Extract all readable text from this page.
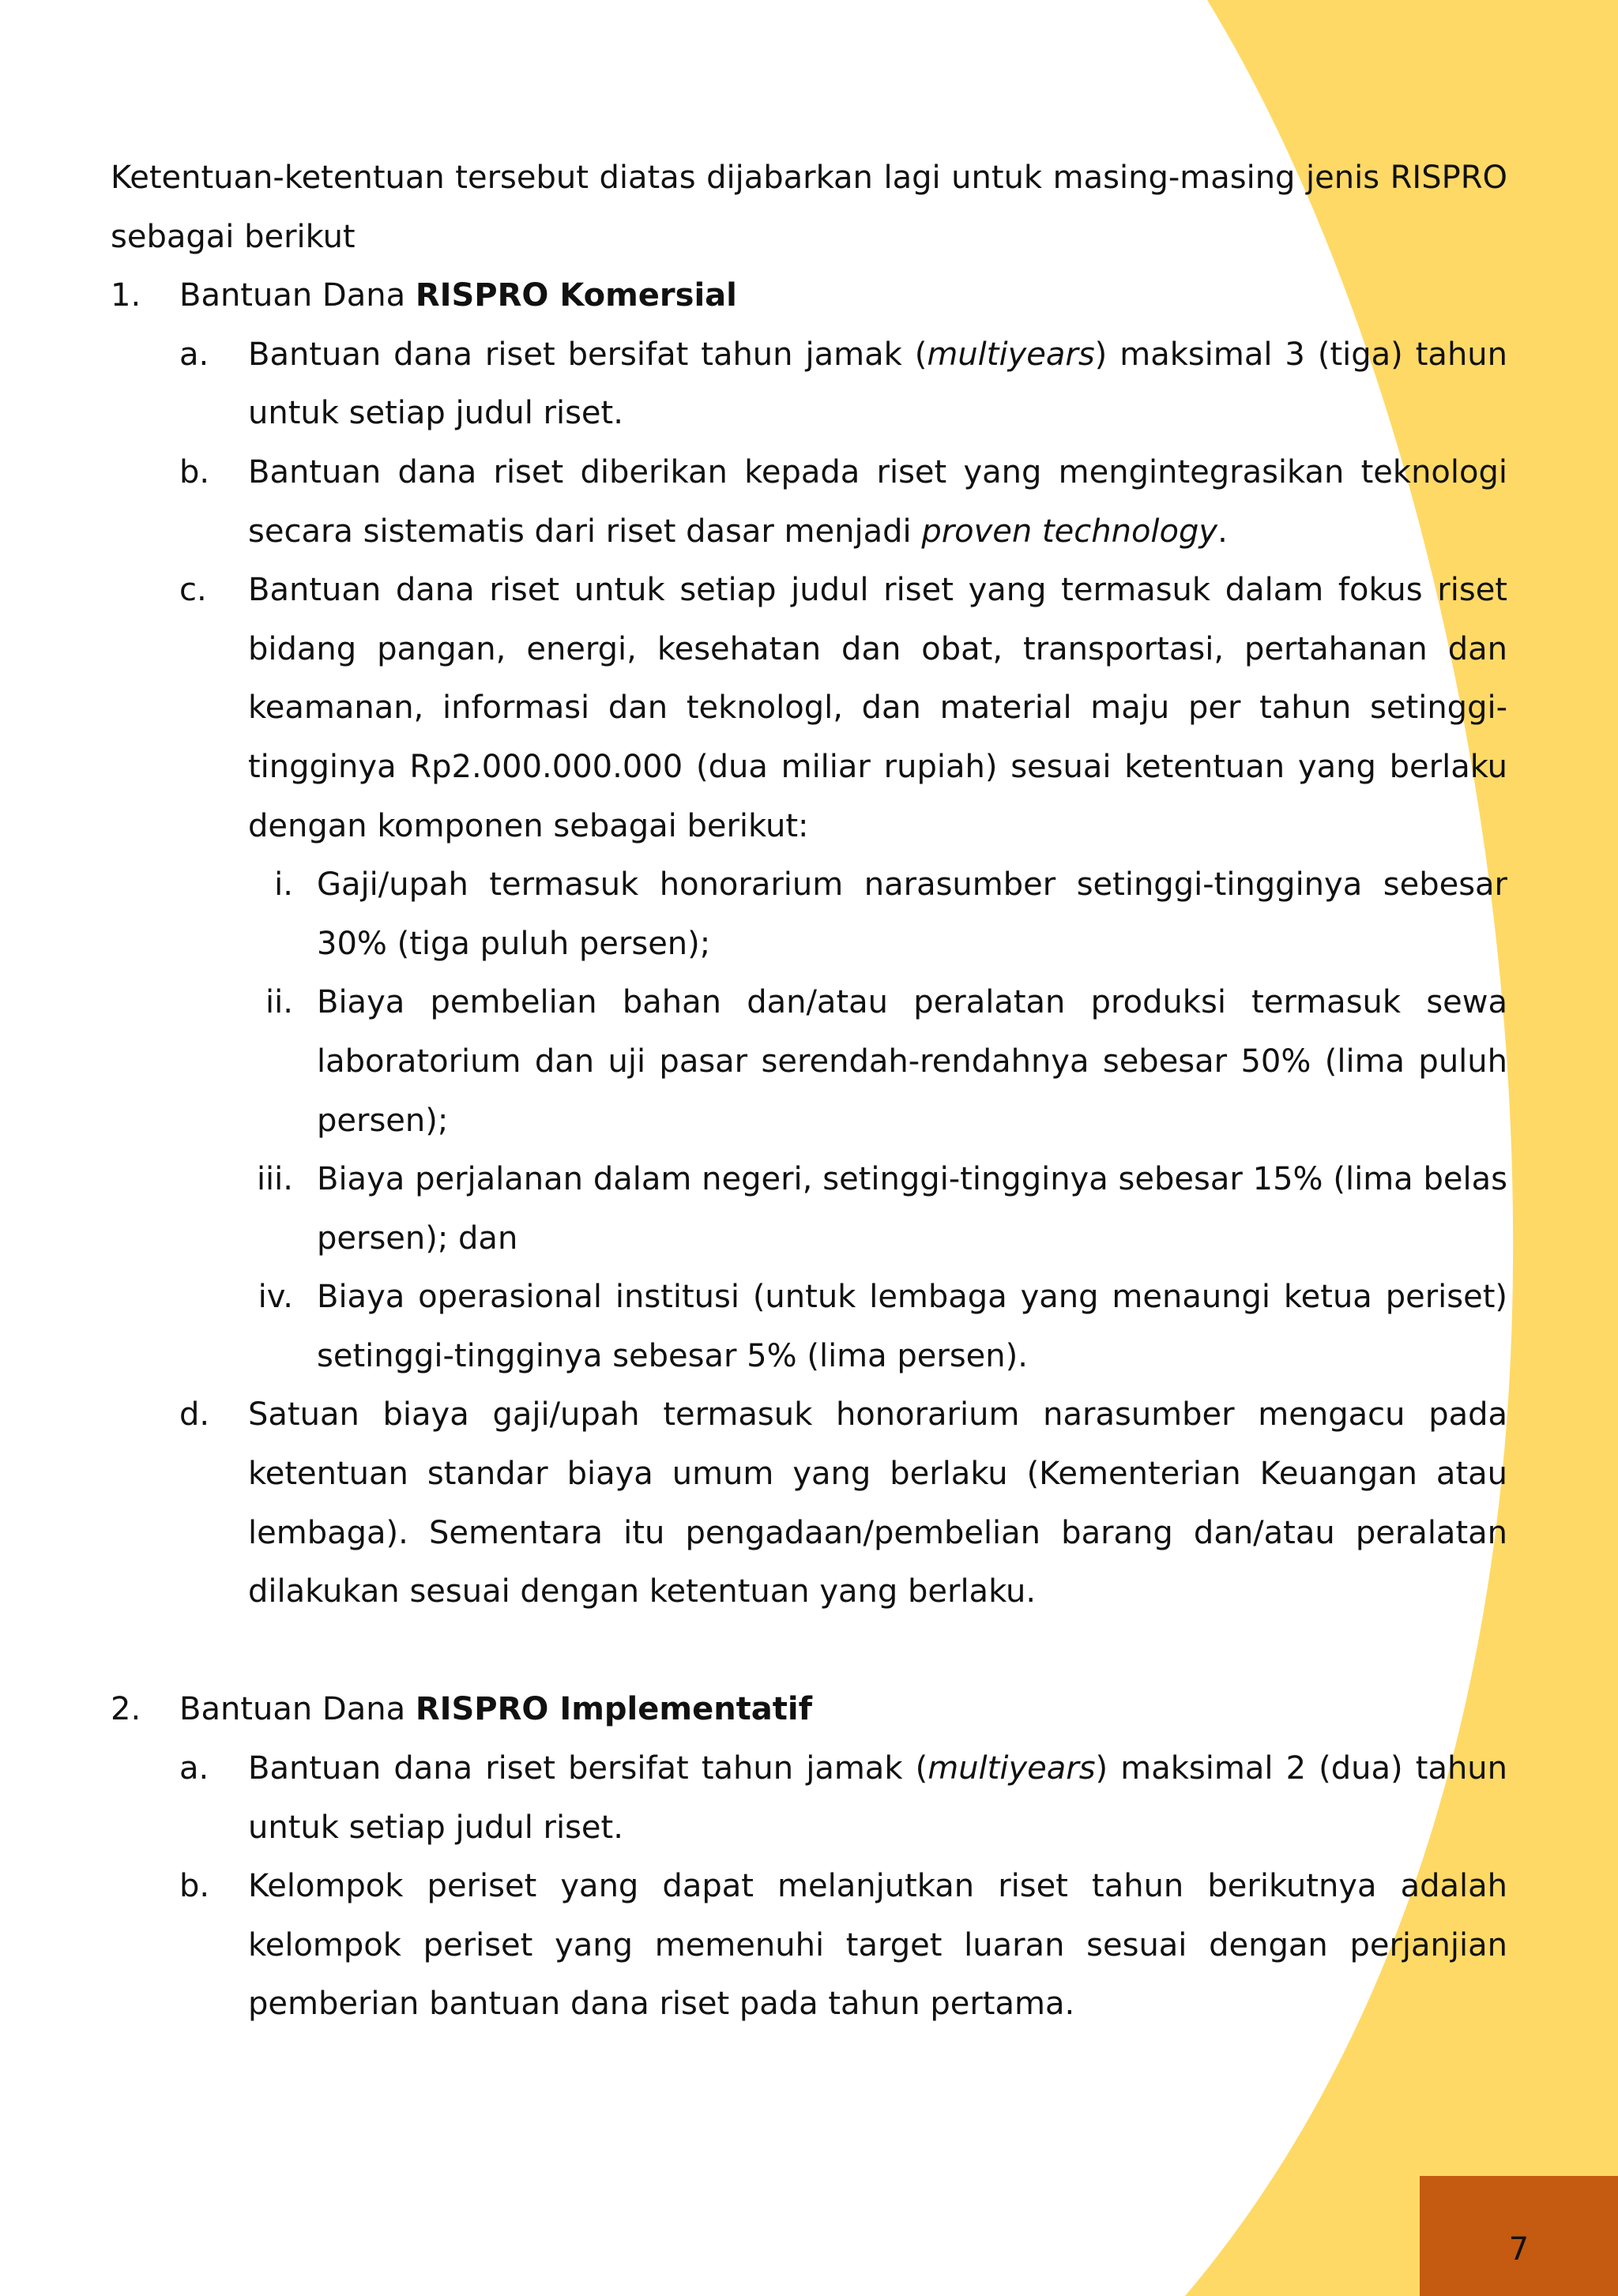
Ketentuan-ketentuan tersebut diatas dijabarkan lagi untuk masing-masing jenis RISPRO sebagai berikut

1.	Bantuan Dana RISPRO Komersial
a.	Bantuan dana riset bersifat tahun jamak (multiyears) maksimal 3 (tiga) tahun untuk setiap judul riset.
b.	Bantuan dana riset diberikan kepada riset yang mengintegrasikan teknologi secara sistematis dari riset dasar menjadi proven technology.
c.	Bantuan dana riset untuk setiap judul riset yang termasuk dalam fokus riset bidang pangan, energi, kesehatan dan obat, transportasi, pertahanan dan keamanan, informasi dan teknologl, dan material maju per tahun setinggi-tingginya Rp2.000.000.000 (dua miliar rupiah) sesuai ketentuan yang berlaku dengan komponen sebagai berikut:
i. Gaji/upah termasuk honorarium narasumber setinggi-tingginya sebesar 30% (tiga puluh persen);
ii. Biaya pembelian bahan dan/atau peralatan produksi termasuk sewa laboratorium dan uji pasar serendah-rendahnya sebesar 50% (lima puluh persen);
iii. Biaya perjalanan dalam negeri, setinggi-tingginya sebesar 15% (lima belas persen); dan
iv. Biaya operasional institusi (untuk lembaga yang menaungi ketua periset) setinggi-tingginya sebesar 5% (lima persen).
d.	Satuan biaya gaji/upah termasuk honorarium narasumber mengacu pada ketentuan standar biaya umum yang berlaku (Kementerian Keuangan atau lembaga). Sementara itu pengadaan/pembelian barang dan/atau peralatan dilakukan sesuai dengan ketentuan yang berlaku.
2.	Bantuan Dana RISPRO Implementatif
a.	Bantuan dana riset bersifat tahun jamak (multiyears) maksimal 2 (dua) tahun untuk setiap judul riset.
b.	Kelompok periset yang dapat melanjutkan riset tahun berikutnya adalah kelompok periset yang memenuhi target luaran sesuai dengan perjanjian pemberian bantuan dana riset pada tahun pertama.
7
